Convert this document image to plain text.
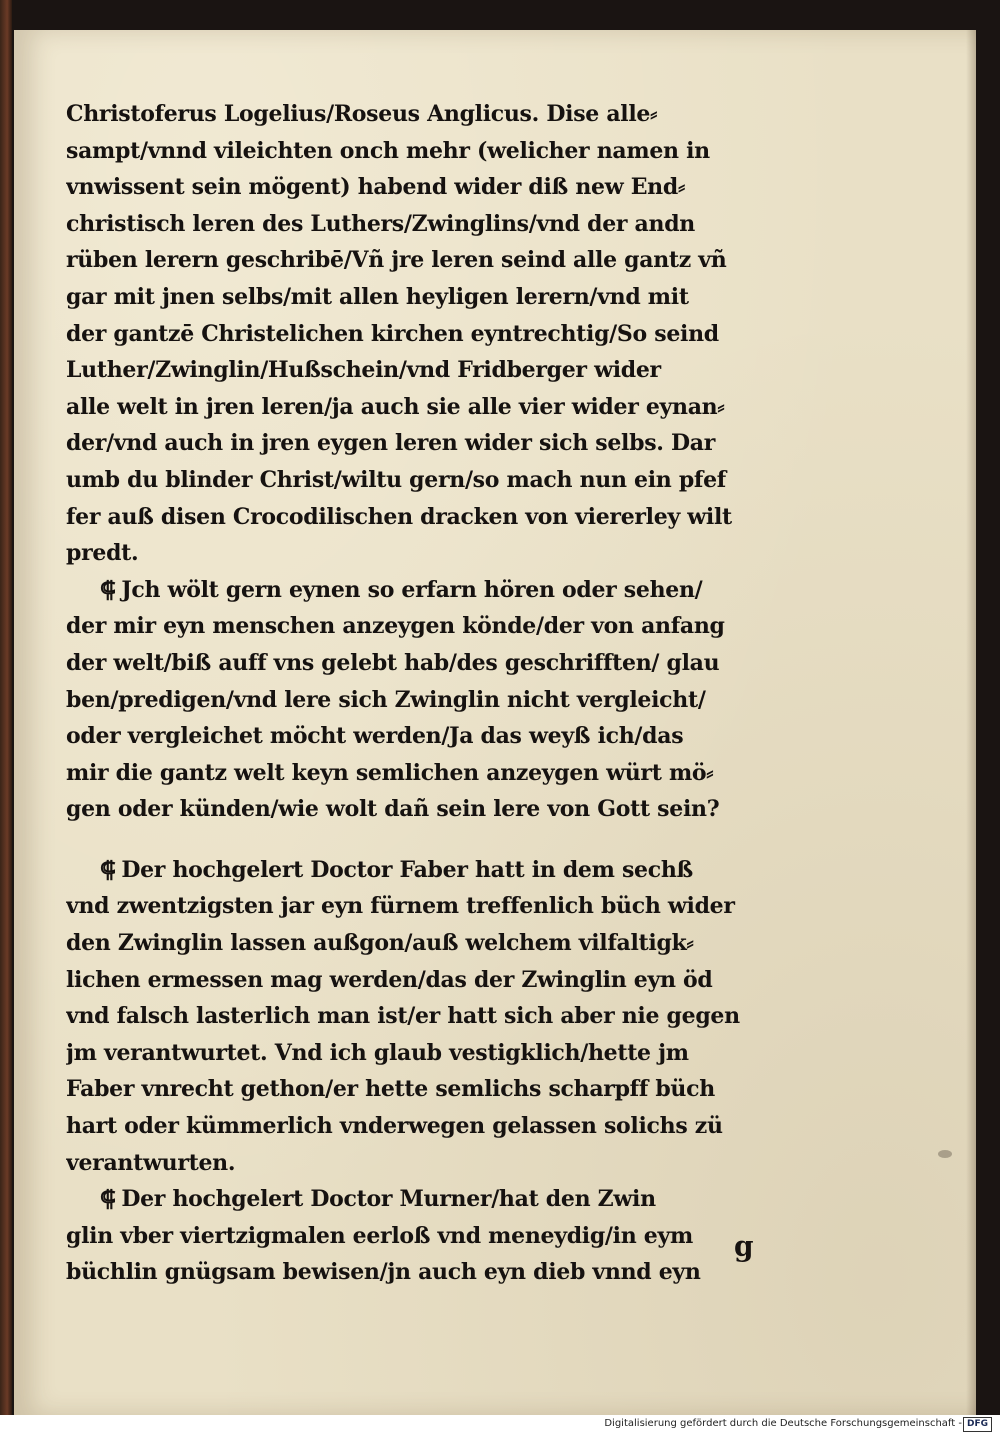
Christoferus Logelius/Roseus Anglicus. Dise alle⸗
sampt/vnnd vileichten onch mehr (welicher namen in
vnwissent sein mögent) habend wider diß new End⸗
christisch leren des Luthers/Zwinglins/vnd der andn
rüben lerern geschribē/Vñ jre leren seind alle gantz vñ
gar mit jnen selbs/mit allen heyligen lerern/vnd mit
der gantzē Christelichen kirchen eyntrechtig/So seind
Luther/Zwinglin/Hußschein/vnd Fridberger wider
alle welt in jren leren/ja auch sie alle vier wider eynan⸗
der/vnd auch in jren eygen leren wider sich selbs. Dar
umb du blinder Christ/wiltu gern/so mach nun ein pfef
fer auß disen Crocodilischen dracken von viererley wilt
predt.
⸿ Jch wölt gern eynen so erfarn hören oder sehen/
der mir eyn menschen anzeygen könde/der von anfang
der welt/biß auff vns gelebt hab/des geschrifften/ glau
ben/predigen/vnd lere sich Zwinglin nicht vergleicht/
oder vergleichet möcht werden/Ja das weyß ich/das
mir die gantz welt keyn semlichen anzeygen würt mö⸗
gen oder künden/wie wolt dañ sein lere von Gott sein?
⸿ Der hochgelert Doctor Faber hatt in dem sechß
vnd zwentzigsten jar eyn fürnem treffenlich büch wider
den Zwinglin lassen außgon/auß welchem vilfaltigk⸗
lichen ermessen mag werden/das der Zwinglin eyn öd
vnd falsch lasterlich man ist/er hatt sich aber nie gegen
jm verantwurtet. Vnd ich glaub vestigklich/hette jm
Faber vnrecht gethon/er hette semlichs scharpff büch
hart oder kümmerlich vnderwegen gelassen solichs zü
verantwurten.
⸿ Der hochgelert Doctor Murner/hat den Zwin
glin vber viertzigmalen eerloß vnd meneydig/in eym
büchlin gnügsam bewisen/jn auch eyn dieb vnnd eyn
g
Digitalisierung gefördert durch die Deutsche Forschungsgemeinschaft - DFG
